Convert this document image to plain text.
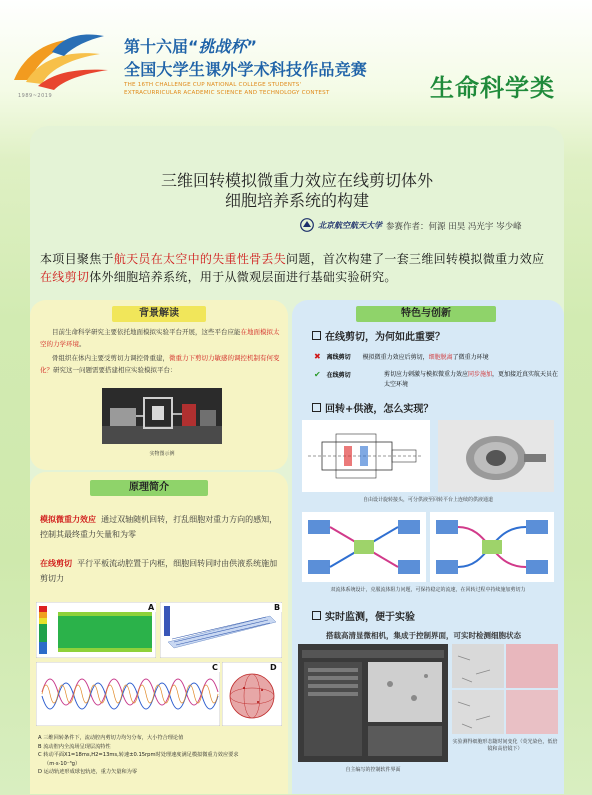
1989~2019
第十六届“挑战杯”
全国大学生课外学术科技作品竞赛
THE 16TH CHALLENGE CUP NATIONAL COLLEGE STUDENTS'
EXTRACURRICULAR ACADEMIC SCIENCE AND TECHNOLOGY CONTEST	生命科学类
三维回转模拟微重力效应在线剪切体外
细胞培养系统的构建
北京航空航天大学 参赛作者：何源 田昊 冯光宇 岑少峰
本项目聚焦于航天员在太空中的失重性骨丢失问题，首次构建了一套三维回转模拟微重力效应在线剪切体外细胞培养系统，用于从微观层面进行基础实验研究。
背景解读
目前生命科学研究主要依托地面模拟实验平台开展，这些平台应能在地面模拟太空的力学环境。
骨组织在体内主要受剪切力调控骨重建，微重力下剪切力敏感的调控机制有何变化？研究这一问题需要搭建相应实验模拟平台：
实物图示例
原理简介
模拟微重力效应 通过双轴随机回转，打乱细胞对重力方向的感知，控制其最终重力矢量和为零
在线剪切 平行平板流动腔置于内框，细胞回转同时由供液系统施加剪切力
A	B
C	D
A 三维回转条件下，流动腔内剪切力均匀分布，大小符合理论值
B 流动腔内全流场呈现层流特性
C 转动平面X1=18ms,H2=13ms,转速±0.15rpm时处理速度满足模拟微重力效应要求
（m·s·10⁻³g）
D 运动轨迹形成球包轨迹，重力矢量和为零
特色与创新
在线剪切，为何如此重要？
✖ 离线剪切 模拟微重力效应后剪切，细胞脱离了微重力环境
✔ 在线剪切	剪切应力刺激与模拟微重力效应同步施加，更加接近真实航天员在太空环境
回转+供液，怎么实现？
自由设计旋转接头，可分供液至回转平台上连续的供液通道
双流体系统设计，克服流体阻力问题，可保持稳定的流速，在回转过程中持续施加剪切力
实时监测，便于实验
搭载高清显微相机，集成于控制界面，可实时检测细胞状态
自主编写的控制软件界面
实验测得细胞形态随时间变化（荧光染色，低倍镜和高倍镜下）
